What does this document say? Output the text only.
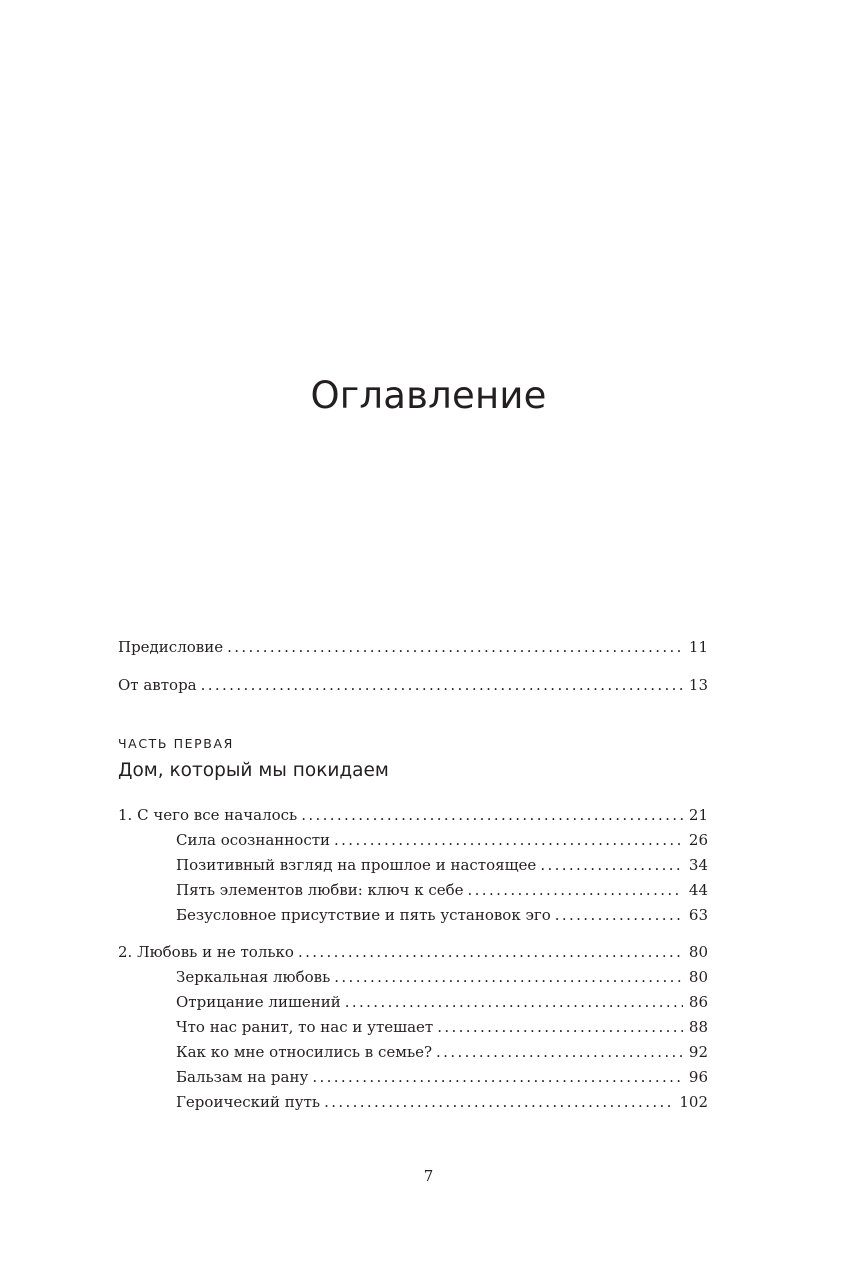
Оглавление
Предисловие . . .	11
От автора . . .	13
ЧАСТЬ ПЕРВАЯ
Дом, который мы покидаем
1. С чего все началось . . .	21
Сила осознанности . . .	26
Позитивный взгляд на прошлое и настоящее . . .	34
Пять элементов любви: ключ к себе . . .	44
Безусловное присутствие и пять установок эго . . .	63
2. Любовь и не только . . .	80
Зеркальная любовь . . .	80
Отрицание лишений . . .	86
Что нас ранит, то нас и утешает . . .	88
Как ко мне относились в семье? . . .	92
Бальзам на рану . . .	96
Героический путь . . .	102
7
